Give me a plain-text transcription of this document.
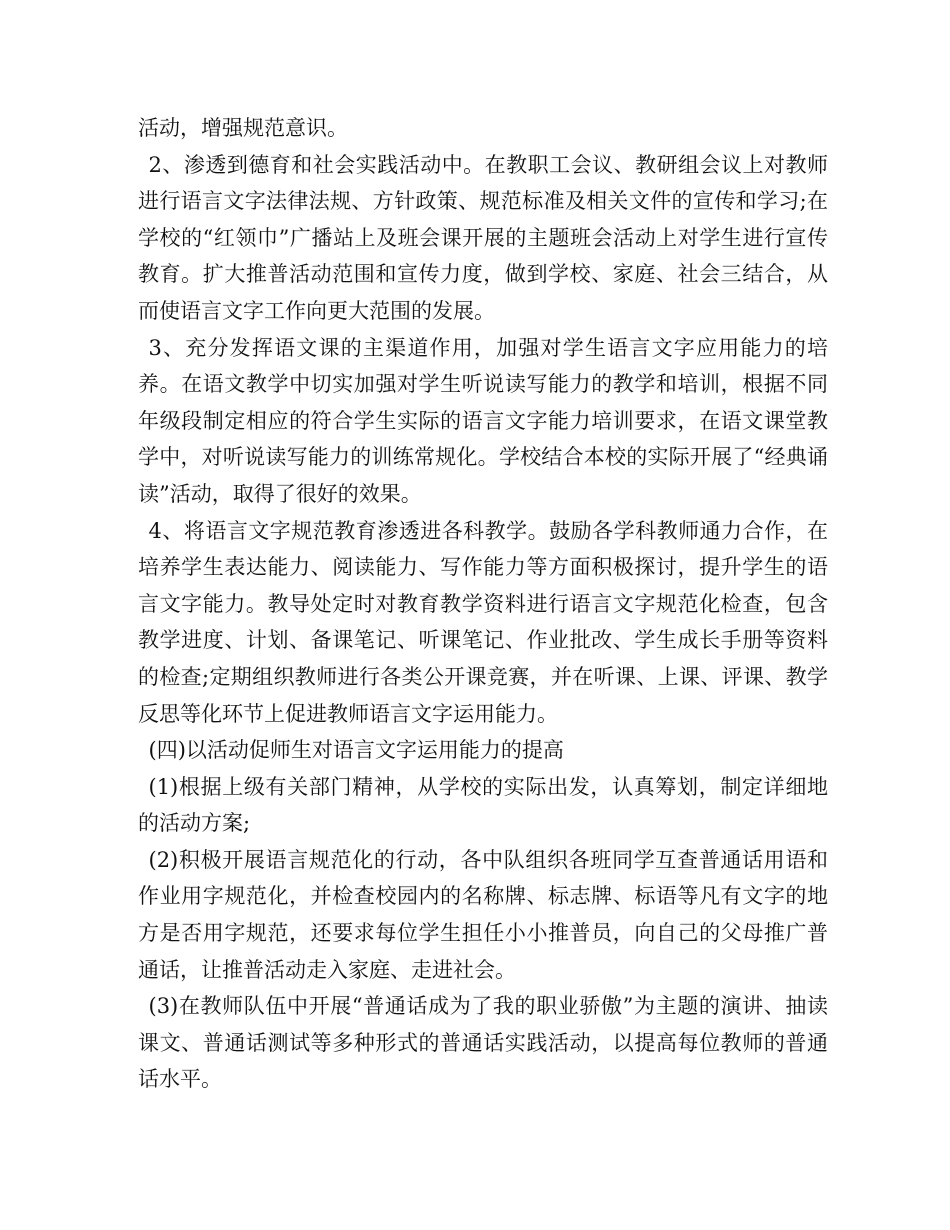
活动，增强规范意识。

2、渗透到德育和社会实践活动中。在教职工会议、教研组会议上对教师进行语言文字法律法规、方针政策、规范标准及相关文件的宣传和学习;在学校的“红领巾”广播站上及班会课开展的主题班会活动上对学生进行宣传教育。扩大推普活动范围和宣传力度，做到学校、家庭、社会三结合，从而使语言文字工作向更大范围的发展。

3、充分发挥语文课的主渠道作用，加强对学生语言文字应用能力的培养。在语文教学中切实加强对学生听说读写能力的教学和培训，根据不同年级段制定相应的符合学生实际的语言文字能力培训要求，在语文课堂教学中，对听说读写能力的训练常规化。学校结合本校的实际开展了“经典诵读”活动，取得了很好的效果。

4、将语言文字规范教育渗透进各科教学。鼓励各学科教师通力合作，在培养学生表达能力、阅读能力、写作能力等方面积极探讨，提升学生的语言文字能力。教导处定时对教育教学资料进行语言文字规范化检查，包含教学进度、计划、备课笔记、听课笔记、作业批改、学生成长手册等资料的检查;定期组织教师进行各类公开课竞赛，并在听课、上课、评课、教学反思等化环节上促进教师语言文字运用能力。

(四)以活动促师生对语言文字运用能力的提高

(1)根据上级有关部门精神，从学校的实际出发，认真筹划，制定详细地的活动方案;

(2)积极开展语言规范化的行动，各中队组织各班同学互查普通话用语和作业用字规范化，并检查校园内的名称牌、标志牌、标语等凡有文字的地方是否用字规范，还要求每位学生担任小小推普员，向自己的父母推广普通话，让推普活动走入家庭、走进社会。

(3)在教师队伍中开展“普通话成为了我的职业骄傲”为主题的演讲、抽读课文、普通话测试等多种形式的普通话实践活动，以提高每位教师的普通话水平。
